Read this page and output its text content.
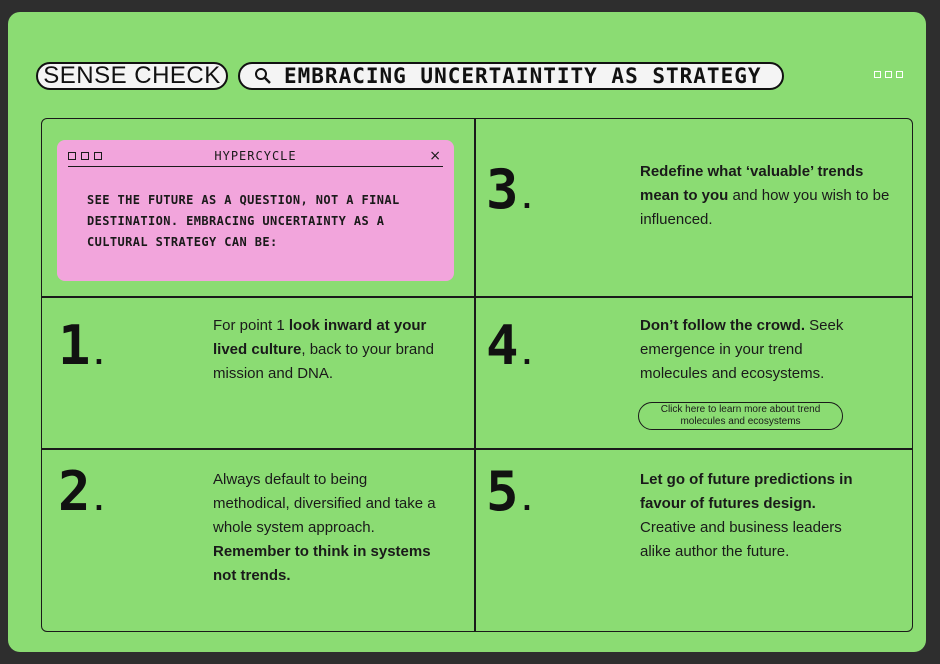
SENSE CHECK	EMBRACING UNCERTAINTITY AS STRATEGY
HYPERCYCLE	×
SEE THE FUTURE AS A QUESTION, NOT A FINAL DESTINATION. EMBRACING UNCERTAINTY AS A CULTURAL STRATEGY CAN BE:
3.
Redefine what ‘valuable’ trends mean to you and how you wish to be influenced.
1.
For point 1 look inward at your lived culture, back to your brand mission and DNA.	4.
Don’t follow the crowd. Seek emergence in your trend molecules and ecosystems.
Click here to learn more about trend molecules and ecosystems
2.
Always default to being methodical, diversified and take a whole system approach. Remember to think in systems not trends.
5.
Let go of future predictions in favour of futures design. Creative and business leaders alike author the future.
